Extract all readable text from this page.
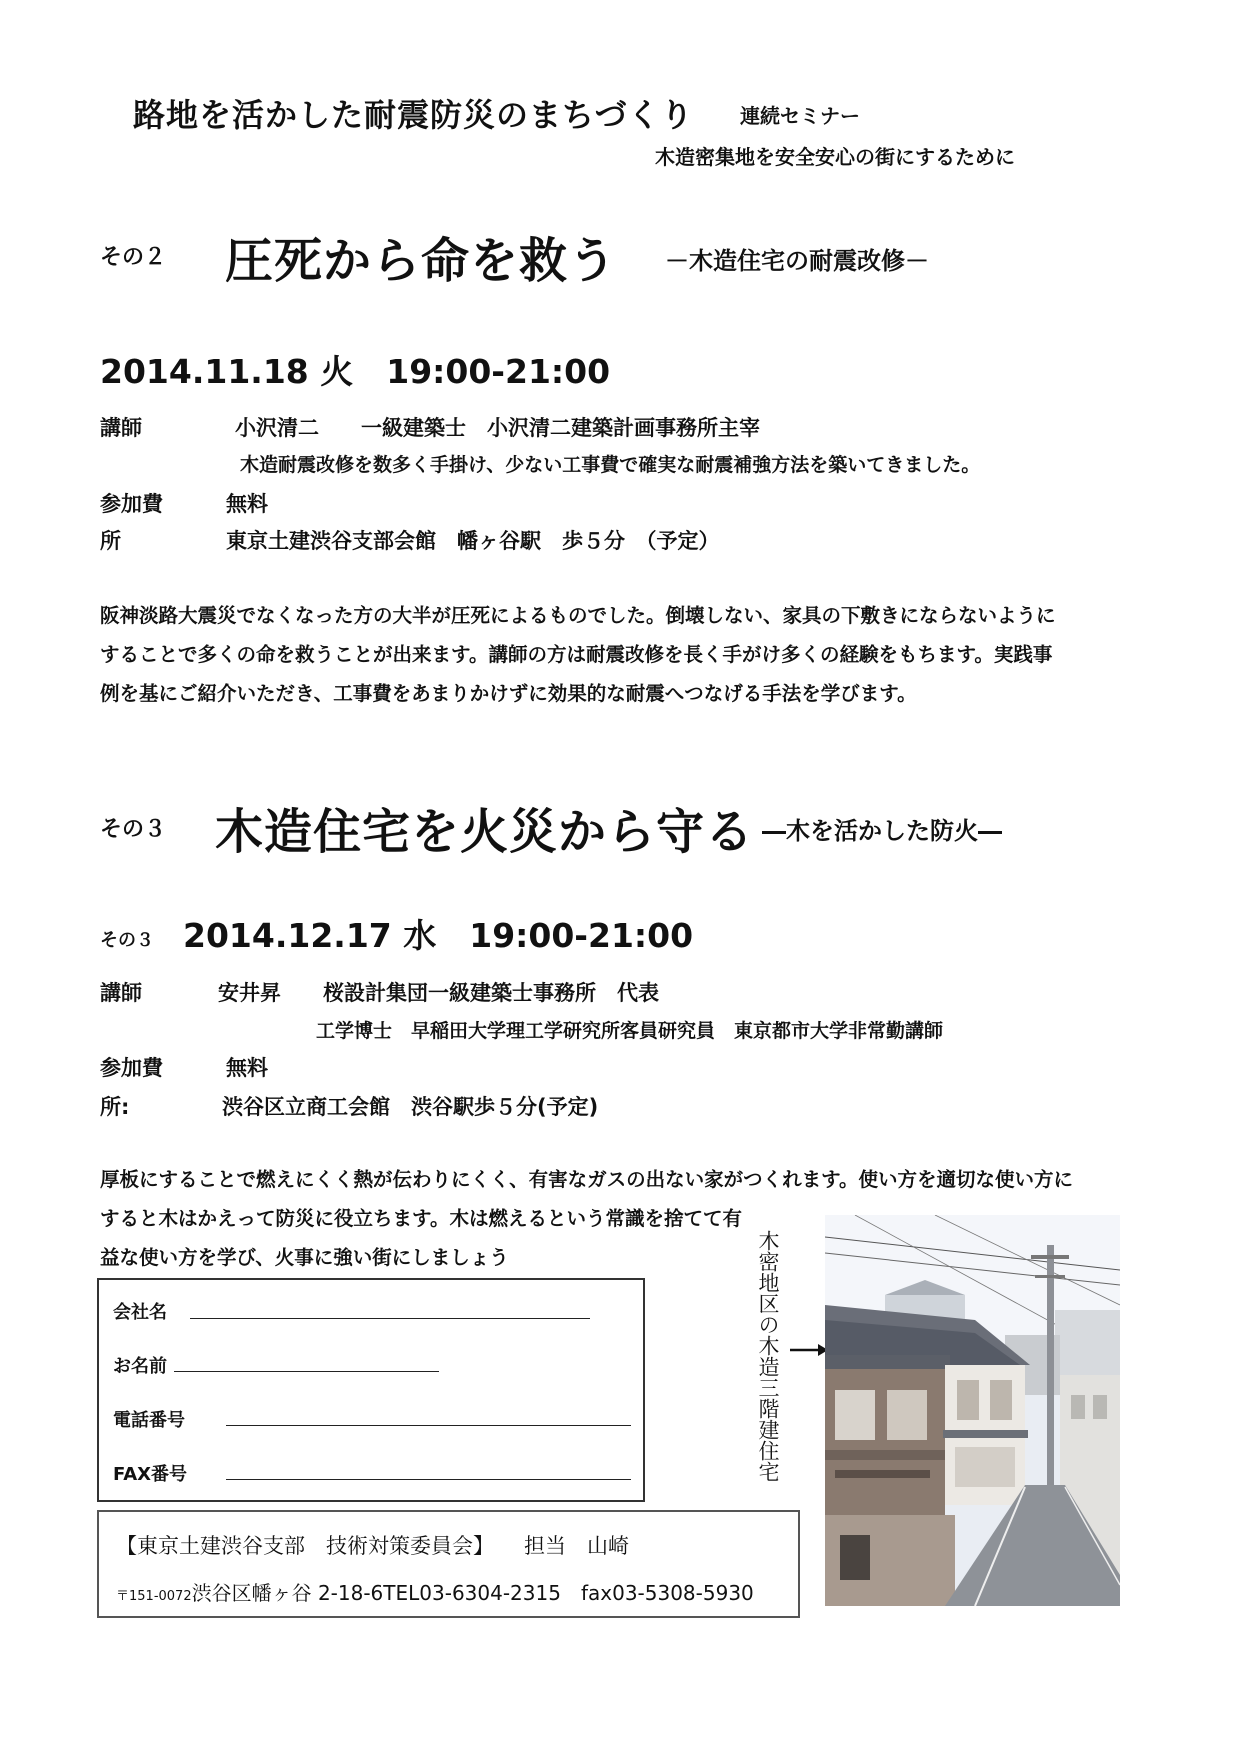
路地を活かした耐震防災のまちづくり 連続セミナー
木造密集地を安全安心の街にするために
その２ 圧死から命を救う －木造住宅の耐震改修－
2014.11.18 火　19:00-21:00
講師	小沢清二　　一級建築士　小沢清二建築計画事務所主宰
木造耐震改修を数多く手掛け、少ない工事費で確実な耐震補強方法を築いてきました。
参加費	無料
所	東京土建渋谷支部会館　幡ヶ谷駅　歩５分　（予定）
阪神淡路大震災でなくなった方の大半が圧死によるものでした。倒壊しない、家具の下敷きにならないように
することで多くの命を救うことが出来ます。講師の方は耐震改修を長く手がけ多くの経験をもちます。実践事
例を基にご紹介いただき、工事費をあまりかけずに効果的な耐震へつなげる手法を学びます。
その３ 木造住宅を火災から守る ―木を活かした防火―
その３ 2014.12.17 水　19:00-21:00
講師	安井昇　　桜設計集団一級建築士事務所　代表
工学博士　早稲田大学理工学研究所客員研究員　東京都市大学非常勤講師
参加費	無料
所:	渋谷区立商工会館　渋谷駅歩５分(予定)
厚板にすることで燃えにくく熱が伝わりにくく、有害なガスの出ない家がつくれます。使い方を適切な使い方に
すると木はかえって防災に役立ちます。木は燃えるという常識を捨てて有
益な使い方を学び、火事に強い街にしましょう
会社名
お名前
電話番号
FAX番号
【東京土建渋谷支部　技術対策委員会】 担当　山崎
〒151-0072渋谷区幡ヶ谷 2-18-6TEL03-6304-2315　fax03-5308-5930
木密地区の木造三階建住宅
